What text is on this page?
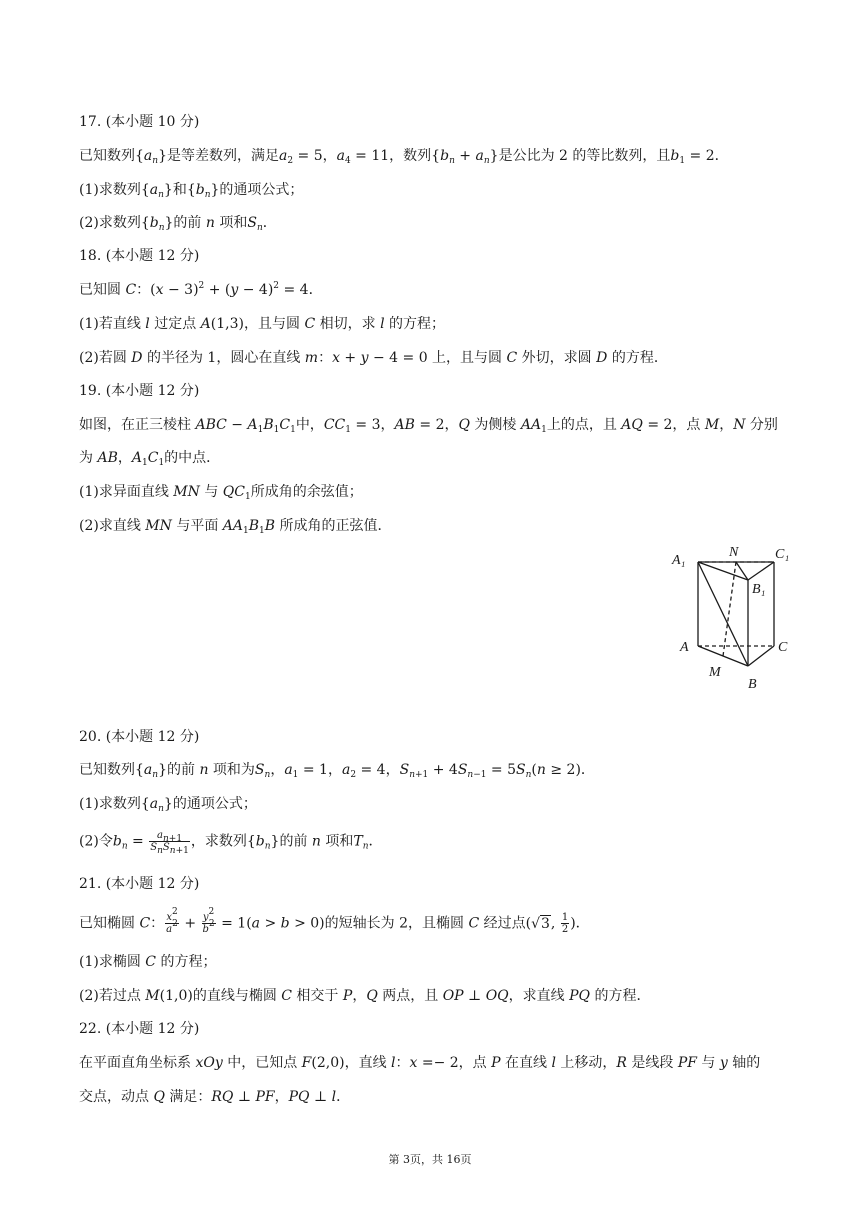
17. (本小题 10 分)
已知数列$\{a_n\}$是等差数列，满足$a_2 = 5$，$a_4 = 11$，数列$\{b_n + a_n\}$是公比为 2 的等比数列，且$b_1 = 2$．
(1)求数列$\{a_n\}$和$\{b_n\}$的通项公式；
(2)求数列$\{b_n\}$的前 n 项和$S_n$．
18. (本小题 12 分)
已知圆 C：$(x - 3)^2 + (y - 4)^2 = 4$．
(1)若直线 l 过定点 A(1,3)，且与圆 C 相切，求 l 的方程；
(2)若圆 D 的半径为 1，圆心在直线 m：x + y − 4 = 0 上，且与圆 C 外切，求圆 D 的方程．
19. (本小题 12 分)
如图，在正三棱柱 ABC − $A_1B_1C_1$中，$CC_1 = 3$，AB = 2，Q 为侧棱 $AA_1$上的点，且 AQ = 2，点 M，N 分别
为 AB，$A_1C_1$的中点．
(1)求异面直线 MN 与 $QC_1$所成角的余弦值；
(2)求直线 MN 与平面 $AA_1B_1B$ 所成角的正弦值．
A₁
N	C₁
B₁
A	C
M
B
20. (本小题 12 分)
已知数列$\{a_n\}$的前 n 项和为$S_n$，$a_1 = 1$，$a_2 = 4$，$S_{n+1} + 4S_{n-1} = 5S_n(n \ge 2)$．
(1)求数列$\{a_n\}$的通项公式；
(2)令$b_n = \frac{a_{n+1}}{S_nS_{n+1}}$ ，求数列$\{b_n\}$的前 n 项和$T_n$．
21. (本小题 12 分)
已知椭圆 C： $\frac{x^2}{a^2} + \frac{y^2}{b^2} = 1(a > b > 0)$的短轴长为 2，且椭圆 C 经过点(√3, $\frac{1}{2}$ )．
(1)求椭圆 C 的方程；
(2)若过点 M(1,0)的直线与椭圆 C 相交于 P，Q 两点，且 OP ⊥ OQ，求直线 PQ 的方程．
22. (本小题 12 分)
在平面直角坐标系 xOy 中，已知点 F(2,0)，直线 l：x =− 2，点 P 在直线 l 上移动，R 是线段 PF 与 y 轴的
交点，动点 Q 满足：RQ ⊥ PF，PQ ⊥ l．
第 3页，共 16页
